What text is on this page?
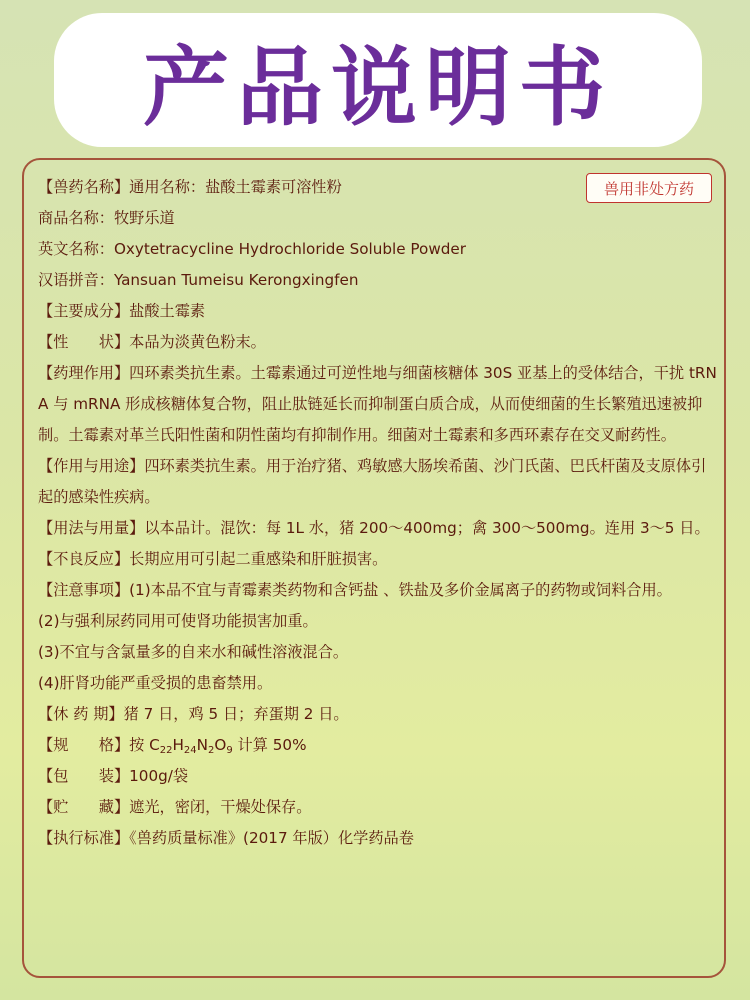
产品说明书
兽用非处方药
【兽药名称】通用名称：盐酸土霉素可溶性粉
商品名称：牧野乐道
英文名称：Oxytetracycline Hydrochloride Soluble Powder
汉语拼音：Yansuan Tumeisu Kerongxingfen
【主要成分】盐酸土霉素
【性　　状】本品为淡黄色粉末。
【药理作用】四环素类抗生素。土霉素通过可逆性地与细菌核糖体 30S 亚基上的受体结合，干扰 tRNA 与 mRNA 形成核糖体复合物，阻止肽链延长而抑制蛋白质合成，从而使细菌的生长繁殖迅速被抑制。土霉素对革兰氏阳性菌和阴性菌均有抑制作用。细菌对土霉素和多西环素存在交叉耐药性。
【作用与用途】四环素类抗生素。用于治疗猪、鸡敏感大肠埃希菌、沙门氏菌、巴氏杆菌及支原体引起的感染性疾病。
【用法与用量】以本品计。混饮：每 1L 水，猪 200～400mg；禽 300～500mg。连用 3～5 日。
【不良反应】长期应用可引起二重感染和肝脏损害。
【注意事项】(1)本品不宜与青霉素类药物和含钙盐 、铁盐及多价金属离子的药物或饲料合用。
(2)与强利尿药同用可使肾功能损害加重。
(3)不宜与含氯量多的自来水和碱性溶液混合。
(4)肝肾功能严重受损的患畜禁用。
【休 药 期】猪 7 日，鸡 5 日；弃蛋期 2 日。
【规　　格】按 $C_{22}H_{24}N_2O_9$ 计算 50%
【包　　装】100g/袋
【贮　　藏】遮光，密闭，干燥处保存。
【执行标准】《兽药质量标准》(2017 年版）化学药品卷
